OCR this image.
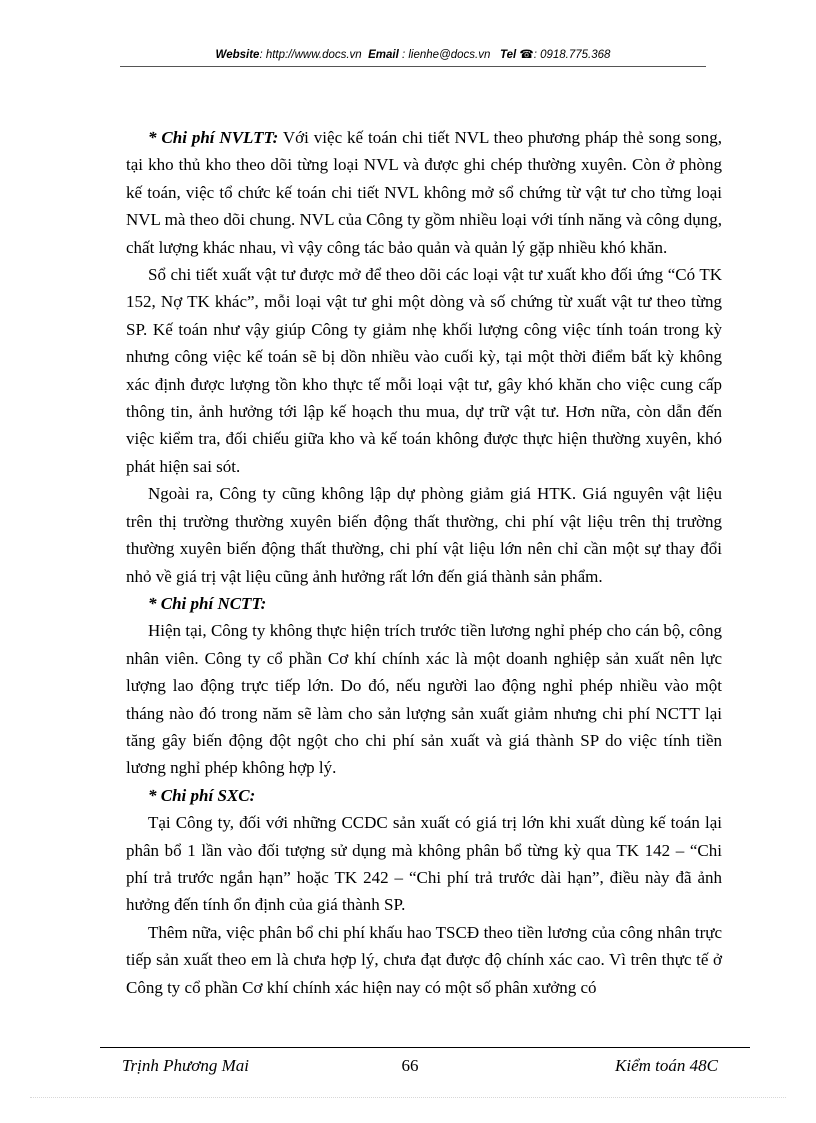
Website: http://www.docs.vn Email : lienhe@docs.vn Tel ☎: 0918.775.368

* Chi phí NVLTT: Với việc kế toán chi tiết NVL theo phương pháp thẻ song song, tại kho thủ kho theo dõi từng loại NVL và được ghi chép thường xuyên. Còn ở phòng kế toán, việc tổ chức kế toán chi tiết NVL không mở sổ chứng từ vật tư cho từng loại NVL mà theo dõi chung. NVL của Công ty gồm nhiều loại với tính năng và công dụng, chất lượng khác nhau, vì vậy công tác bảo quản và quản lý gặp nhiều khó khăn.

Sổ chi tiết xuất vật tư được mở để theo dõi các loại vật tư xuất kho đối ứng “Có TK 152, Nợ TK khác”, mỗi loại vật tư ghi một dòng và số chứng từ xuất vật tư theo từng SP. Kế toán như vậy giúp Công ty giảm nhẹ khối lượng công việc tính toán trong kỳ nhưng công việc kế toán sẽ bị dồn nhiều vào cuối kỳ, tại một thời điểm bất kỳ không xác định được lượng tồn kho thực tế mỗi loại vật tư, gây khó khăn cho việc cung cấp thông tin, ảnh hưởng tới lập kế hoạch thu mua, dự trữ vật tư. Hơn nữa, còn dẫn đến việc kiểm tra, đối chiếu giữa kho và kế toán không được thực hiện thường xuyên, khó phát hiện sai sót.

Ngoài ra, Công ty cũng không lập dự phòng giảm giá HTK. Giá nguyên vật liệu trên thị trường thường xuyên biến động thất thường, chi phí vật liệu trên thị trường thường xuyên biến động thất thường, chi phí vật liệu lớn nên chỉ cần một sự thay đổi nhỏ về giá trị vật liệu cũng ảnh hưởng rất lớn đến giá thành sản phẩm.

* Chi phí NCTT:

Hiện tại, Công ty không thực hiện trích trước tiền lương nghỉ phép cho cán bộ, công nhân viên. Công ty cổ phần Cơ khí chính xác là một doanh nghiệp sản xuất nên lực lượng lao động trực tiếp lớn. Do đó, nếu người lao động nghỉ phép nhiều vào một tháng nào đó trong năm sẽ làm cho sản lượng sản xuất giảm nhưng chi phí NCTT lại tăng gây biến động đột ngột cho chi phí sản xuất và giá thành SP do việc tính tiền lương nghỉ phép không hợp lý.

* Chi phí SXC:

Tại Công ty, đối với những CCDC sản xuất có giá trị lớn khi xuất dùng kế toán lại phân bổ 1 lần vào đối tượng sử dụng mà không phân bổ từng kỳ qua TK 142 – “Chi phí trả trước ngắn hạn” hoặc TK 242 – “Chi phí trả trước dài hạn”, điều này đã ảnh hưởng đến tính ổn định của giá thành SP.

Thêm nữa, việc phân bổ chi phí khấu hao TSCĐ theo tiền lương của công nhân trực tiếp sản xuất theo em là chưa hợp lý, chưa đạt được độ chính xác cao. Vì trên thực tế ở Công ty cổ phần Cơ khí chính xác hiện nay có một số phân xưởng có

Trịnh Phương Mai	66	Kiểm toán 48C
